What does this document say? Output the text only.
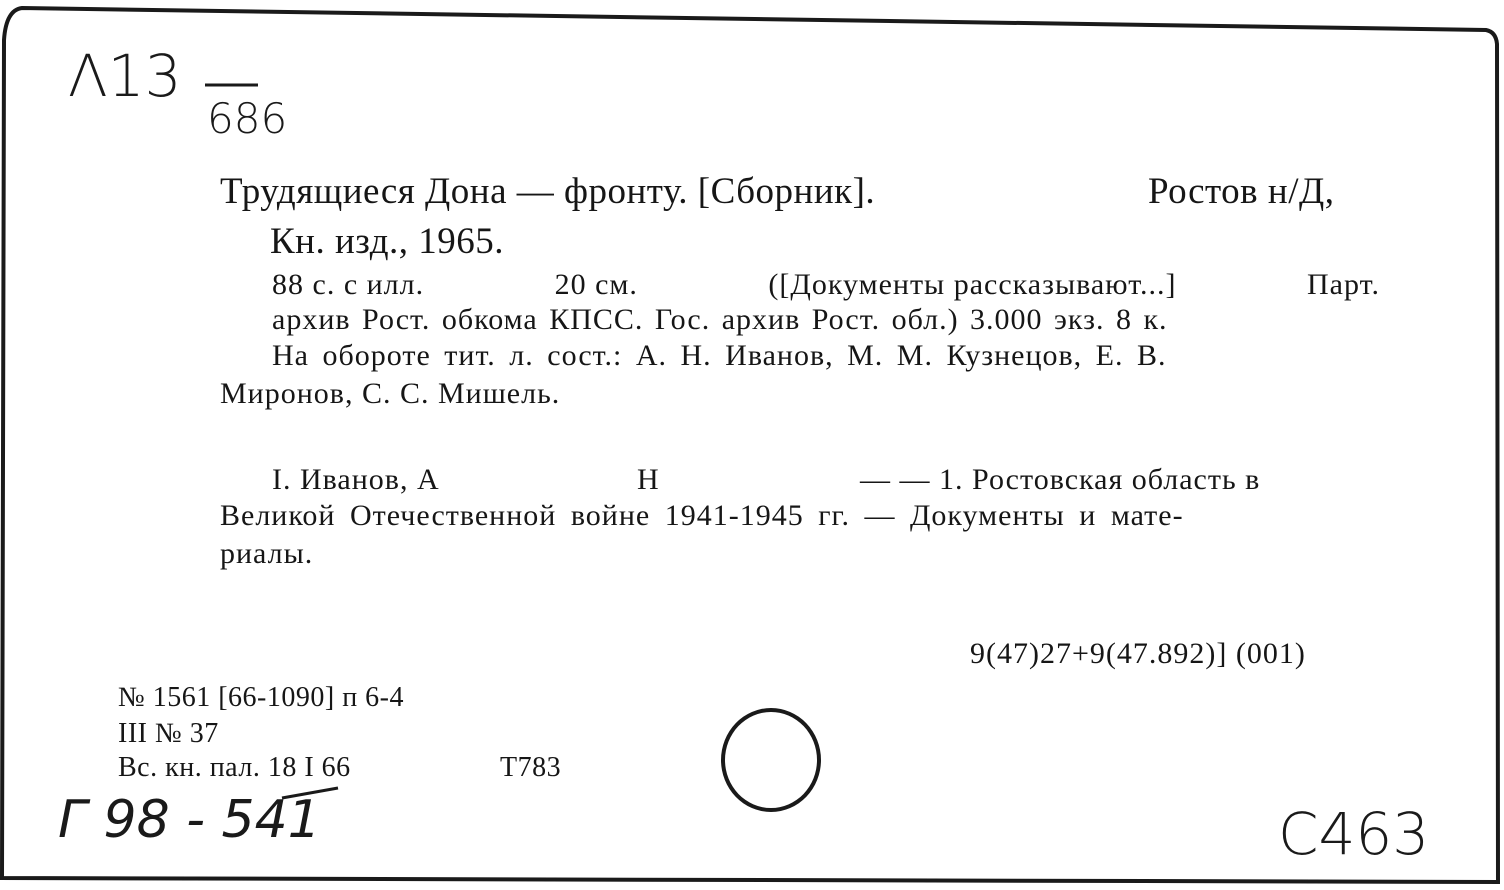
Λ13
686
Трудящиеся Дона — фронту. [Сборник].	Ростов н/Д,
Кн. изд., 1965.
88 с. с илл.	20 см.	([Документы рассказывают...]	Парт.
архив Рост. обкома КПСС. Гос. архив Рост. обл.) 3.000 экз. 8 к.
На обороте тит. л. сост.: А. Н. Иванов, М. М. Кузнецов, Е. В.
Миронов, С. С. Мишель.
I. Иванов, А	Н	— — 1. Ростовская область в
Великой Отечественной войне 1941-1945 гг. — Документы и мате-
риалы.
9(47)27+9(47.892)] (001)
№ 1561 [66-1090] п 6-4
III № 37
Вс. кн. пал. 18 I 66	Т783
Г 98 - 541	С463
